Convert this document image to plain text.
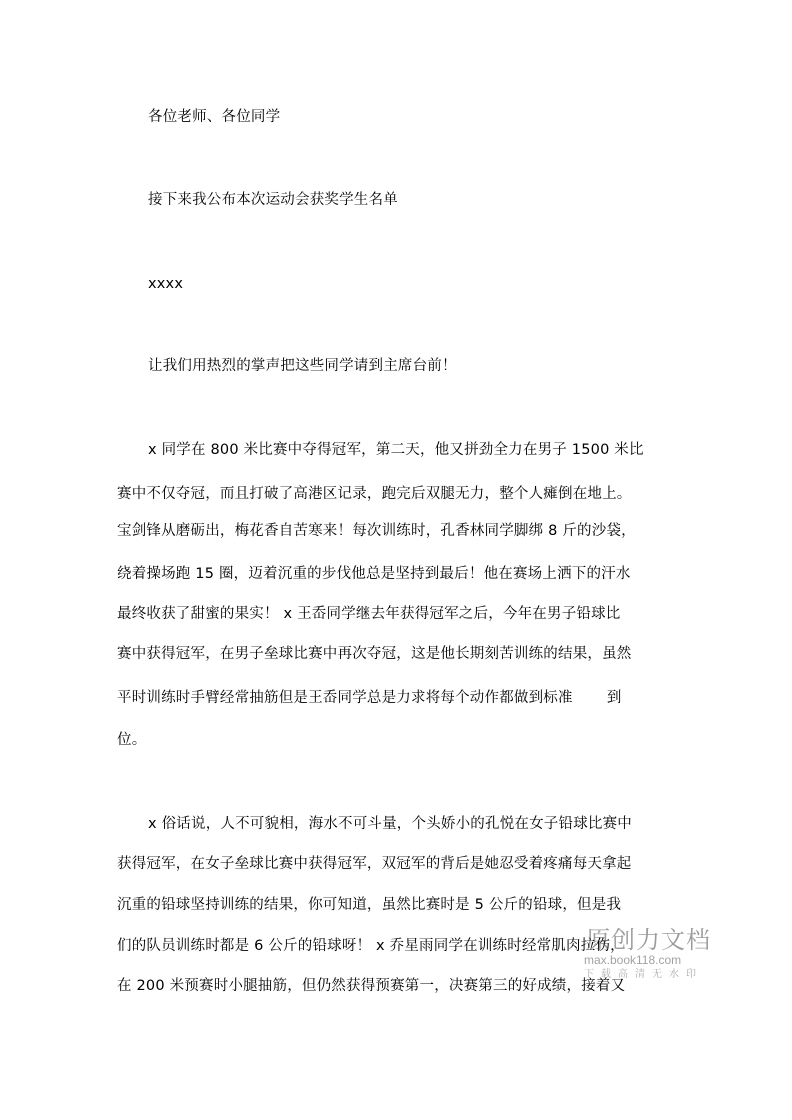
各位老师、各位同学
接下来我公布本次运动会获奖学生名单
xxxx
让我们用热烈的掌声把这些同学请到主席台前！
x 同学在 800 米比赛中夺得冠军，第二天，他又拼劲全力在男子 1500 米比
赛中不仅夺冠，而且打破了高港区记录，跑完后双腿无力，整个人瘫倒在地上。
宝剑锋从磨砺出，梅花香自苦寒来！每次训练时，孔香林同学脚绑 8 斤的沙袋，
绕着操场跑 15 圈，迈着沉重的步伐他总是坚持到最后！他在赛场上洒下的汗水
最终收获了甜蜜的果实！ x 王岙同学继去年获得冠军之后，今年在男子铅球比
赛中获得冠军，在男子垒球比赛中再次夺冠，这是他长期刻苦训练的结果，虽然
平时训练时手臂经常抽筋但是王岙同学总是力求将每个动作都做到标准　　 到
位。
x 俗话说，人不可貌相，海水不可斗量，个头娇小的孔悦在女子铅球比赛中
获得冠军，在女子垒球比赛中获得冠军，双冠军的背后是她忍受着疼痛每天拿起
沉重的铅球坚持训练的结果，你可知道，虽然比赛时是 5 公斤的铅球，但是我
们的队员训练时都是 6 公斤的铅球呀！ x 乔星雨同学在训练时经常肌肉拉伤，
在 200 米预赛时小腿抽筋，但仍然获得预赛第一，决赛第三的好成绩，接着又
原创力文档
max.book118.com
下载高清无水印
